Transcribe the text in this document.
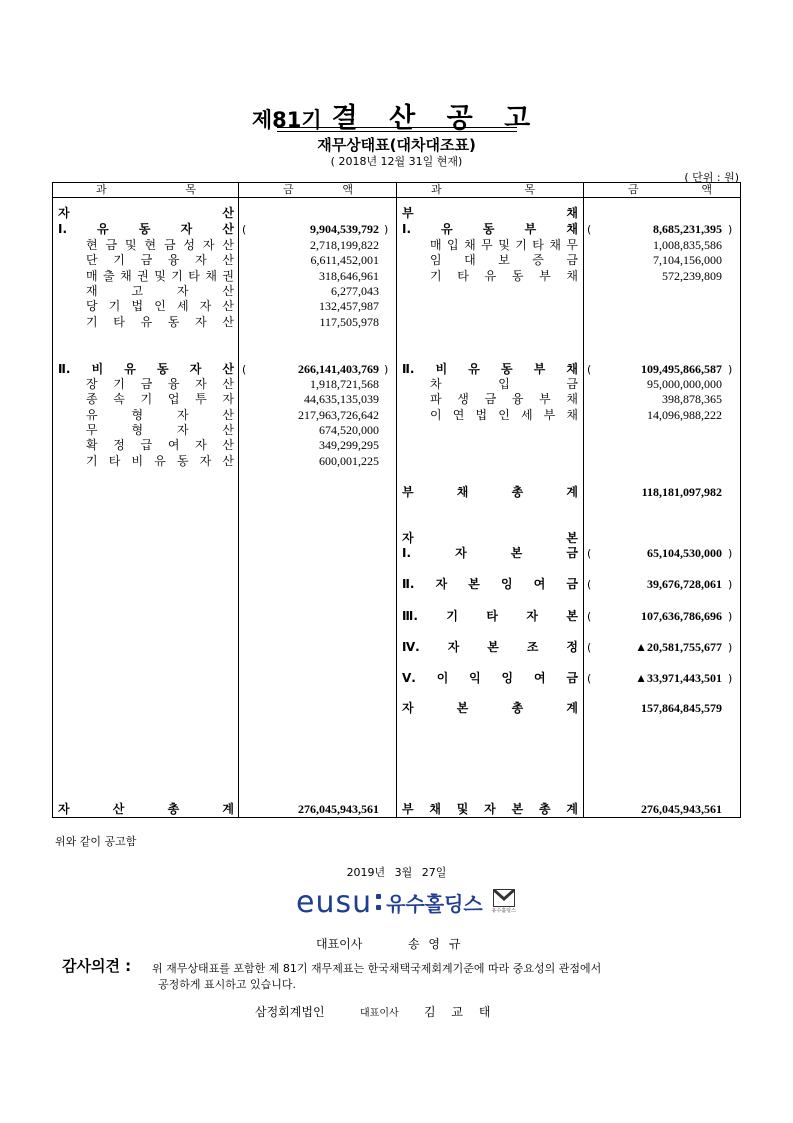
제81기 결 산 공 고
재무상태표(대차대조표)
( 2018년 12월 31일 현재)
( 단위 : 원)
과	목	금	액	과	목	금	액
자	산
Ⅰ.	유	동	자	산	9,904,539,792
(	)
현 금 및 현 금 성 자 산	2,718,199,822
단 기 금 융 자 산	6,611,452,001
매 출 채 권 및 기 타 채 권	318,646,961
재	고	자	산	6,277,043
당 기 법 인 세 자 산	132,457,987
기 타 유 동 자 산	117,505,978
Ⅱ. 비 유 동 자 산	266,141,403,769
(	)
장 기 금 융 자 산	1,918,721,568
종 속 기 업 투 자	44,635,135,039
유	형	자	산	217,963,726,642
무	형	자	산	674,520,000
확 정 급 여 자 산	349,299,295
기 타 비 유 동 자 산	600,001,225
자	산	총	계	276,045,943,561
부	채
Ⅰ.	유	동	부	채	8,685,231,395
(	)
매 입 채 무 및 기 타 채 무	1,008,835,586
임 대 보 증 금	7,104,156,000
기 타 유 동 부 채	572,239,809
Ⅱ. 비 유 동 부 채	109,495,866,587
(	)
차	입	금	95,000,000,000
파 생 금 융 부 채	398,878,365
이 연 법 인 세 부 채	14,096,988,222
부	채	총	계	118,181,097,982
자	본
Ⅰ.	자	본	금	65,104,530,000
(	)
Ⅱ. 자 본 잉 여 금	39,676,728,061
(	)
Ⅲ. 기 타 자 본	107,636,786,696
(	)
Ⅳ. 자 본 조 정	▲20,581,755,677
(	)
Ⅴ. 이 익 잉 여 금	▲33,971,443,501
(	)
자	본	총	계	157,864,845,579
부 채 및 자 본 총 계	276,045,943,561
위와 같이 공고함
2019년 3월 27일
eusu 유수홀딩스	유수홀딩스
대표이사	송 영 규
감사의견 : 위 재무상태표를 포함한 제 81기 재무제표는 한국채택국제회계기준에 따라 중요성의 관점에서
공정하게 표시하고 있습니다.
삼정회계법인	대표이사 김 교 태
